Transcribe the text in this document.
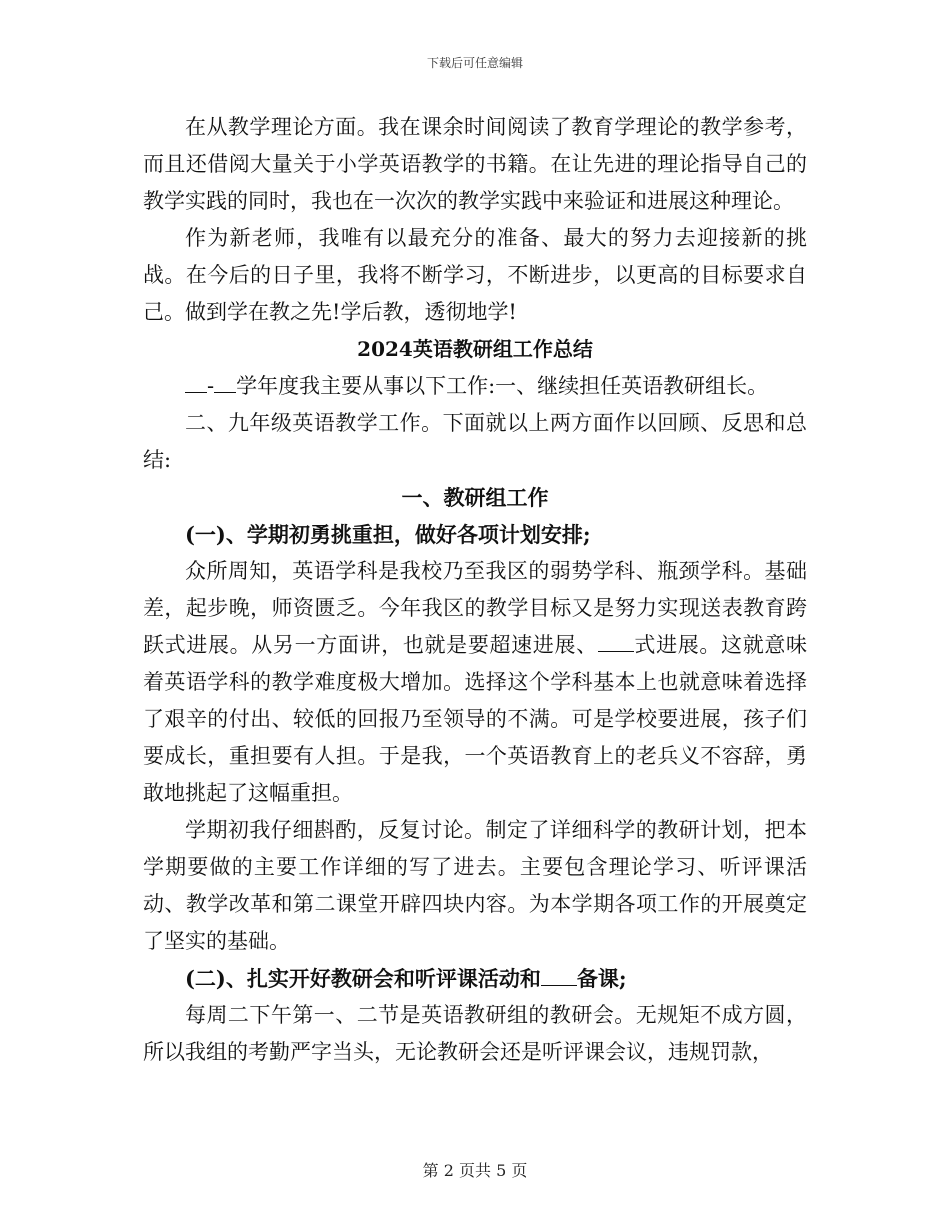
下载后可任意编辑

在从教学理论方面。我在课余时间阅读了教育学理论的教学参考，而且还借阅大量关于小学英语教学的书籍。在让先进的理论指导自己的教学实践的同时，我也在一次次的教学实践中来验证和进展这种理论。

作为新老师，我唯有以最充分的准备、最大的努力去迎接新的挑战。在今后的日子里，我将不断学习，不断进步，以更高的目标要求自己。做到学在教之先!学后教，透彻地学!

2024英语教研组工作总结

- 学年度我主要从事以下工作:一、继续担任英语教研组长。

二、九年级英语教学工作。下面就以上两方面作以回顾、反思和总结:

一、教研组工作

(一)、学期初勇挑重担，做好各项计划安排;

众所周知，英语学科是我校乃至我区的弱势学科、瓶颈学科。基础差，起步晚，师资匮乏。今年我区的教学目标又是努力实现送表教育跨跃式进展。从另一方面讲，也就是要超速进展、 式进展。这就意味着英语学科的教学难度极大增加。选择这个学科基本上也就意味着选择了艰辛的付出、较低的回报乃至领导的不满。可是学校要进展，孩子们要成长，重担要有人担。于是我，一个英语教育上的老兵义不容辞，勇敢地挑起了这幅重担。

学期初我仔细斟酌，反复讨论。制定了详细科学的教研计划，把本学期要做的主要工作详细的写了进去。主要包含理论学习、听评课活动、教学改革和第二课堂开辟四块内容。为本学期各项工作的开展奠定了坚实的基础。

(二)、扎实开好教研会和听评课活动和 备课;

每周二下午第一、二节是英语教研组的教研会。无规矩不成方圆，所以我组的考勤严字当头，无论教研会还是听评课会议，违规罚款，

第 2 页共 5 页
